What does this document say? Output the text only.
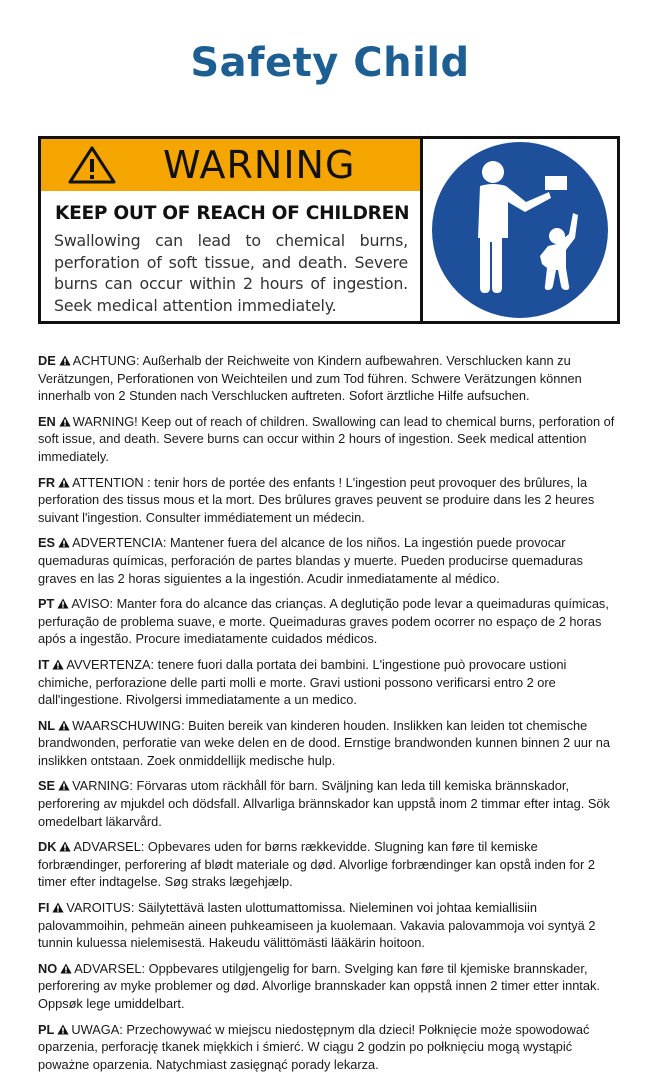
Safety Child
WARNING
KEEP OUT OF REACH OF CHILDREN
Swallowing can lead to chemical burns, perforation of soft tissue, and death. Severe burns can occur within 2 hours of ingestion. Seek medical attention immediately.
DE ACHTUNG: Außerhalb der Reichweite von Kindern aufbewahren. Verschlucken kann zu Verätzungen, Perforationen von Weichteilen und zum Tod führen. Schwere Verätzungen können innerhalb von 2 Stunden nach Verschlucken auftreten. Sofort ärztliche Hilfe aufsuchen.
EN WARNING! Keep out of reach of children. Swallowing can lead to chemical burns, perforation of soft issue, and death. Severe burns can occur within 2 hours of ingestion. Seek medical attention immediately.
FR ATTENTION : tenir hors de portée des enfants ! L'ingestion peut provoquer des brûlures, la perforation des tissus mous et la mort. Des brûlures graves peuvent se produire dans les 2 heures suivant l'ingestion. Consulter immédiatement un médecin.
ES ADVERTENCIA: Mantener fuera del alcance de los niños. La ingestión puede provocar quemaduras químicas, perforación de partes blandas y muerte. Pueden producirse quemaduras graves en las 2 horas siguientes a la ingestión. Acudir inmediatamente al médico.
PT AVISO: Manter fora do alcance das crianças. A deglutição pode levar a queimaduras químicas, perfuração de problema suave, e morte. Queimaduras graves podem ocorrer no espaço de 2 horas após a ingestão. Procure imediatamente cuidados médicos.
IT AVVERTENZA: tenere fuori dalla portata dei bambini. L'ingestione può provocare ustioni chimiche, perforazione delle parti molli e morte. Gravi ustioni possono verificarsi entro 2 ore dall'ingestione. Rivolgersi immediatamente a un medico.
NL WAARSCHUWING: Buiten bereik van kinderen houden. Inslikken kan leiden tot chemische brandwonden, perforatie van weke delen en de dood. Ernstige brandwonden kunnen binnen 2 uur na inslikken ontstaan. Zoek onmiddellijk medische hulp.
SE VARNING: Förvaras utom räckhåll för barn. Sväljning kan leda till kemiska brännskador, perforering av mjukdel och dödsfall. Allvarliga brännskador kan uppstå inom 2 timmar efter intag. Sök omedelbart läkarvård.
DK ADVARSEL: Opbevares uden for børns rækkevidde. Slugning kan føre til kemiske forbrændinger, perforering af blødt materiale og død. Alvorlige forbrændinger kan opstå inden for 2 timer efter indtagelse. Søg straks lægehjælp.
FI VAROITUS: Säilytettävä lasten ulottumattomissa. Nieleminen voi johtaa kemiallisiin palovammoihin, pehmeän aineen puhkeamiseen ja kuolemaan. Vakavia palovammoja voi syntyä 2 tunnin kuluessa nielemisestä. Hakeudu välittömästi lääkärin hoitoon.
NO ADVARSEL: Oppbevares utilgjengelig for barn. Svelging kan føre til kjemiske brannskader, perforering av myke problemer og død. Alvorlige brannskader kan oppstå innen 2 timer etter inntak. Oppsøk lege umiddelbart.
PL UWAGA: Przechowywać w miejscu niedostępnym dla dzieci! Połknięcie może spowodować oparzenia, perforację tkanek miękkich i śmierć. W ciągu 2 godzin po połknięciu mogą wystąpić poważne oparzenia. Natychmiast zasięgnąć porady lekarza.
